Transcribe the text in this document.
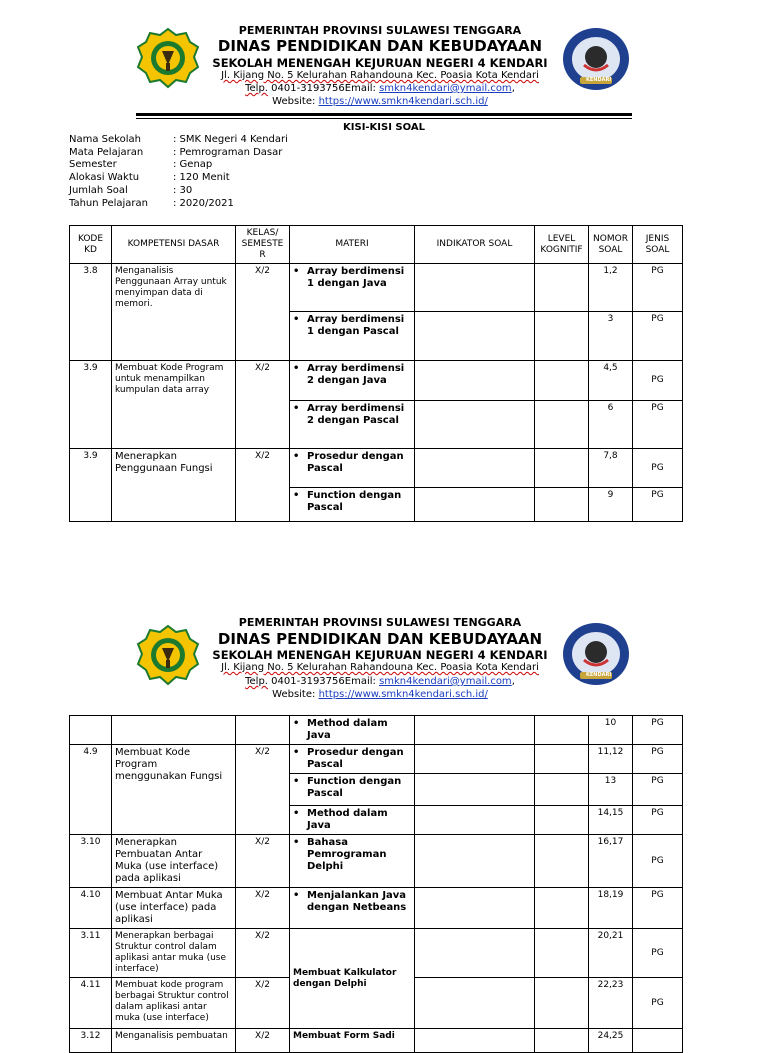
KENDARI
PEMERINTAH PROVINSI SULAWESI TENGGARA
DINAS PENDIDIKAN DAN KEBUDAYAAN
SEKOLAH MENENGAH KEJURUAN NEGERI 4 KENDARI
Jl. Kijang No. 5 Kelurahan Rahandouna Kec. Poasia Kota Kendari
Telp. 0401-3193756Email: smkn4kendari@ymail.com,
Website: https://www.smkn4kendari.sch.id/
KISI-KISI SOAL
Nama Sekolah	: SMK Negeri 4 Kendari
Mata Pelajaran	: Pemrograman Dasar
Semester	: Genap
Alokasi Waktu	: 120 Menit
Jumlah Soal	: 30
Tahun Pelajaran	: 2020/2021
KODE KD	KOMPETENSI DASAR	KELAS/ SEMESTE R	MATERI	INDIKATOR SOAL	LEVEL KOGNITIF	NOMOR SOAL	JENIS SOAL
3.8	Menganalisis Penggunaan Array untuk menyimpan data di memori.	X/2	• Array berdimensi 1 dengan Java			1,2	PG

			• Array berdimensi 1 dengan Pascal			3	PG
3.9	Membuat Kode Program untuk menampilkan kumpulan data array	X/2	• Array berdimensi 2 dengan Java			4,5	PG

			• Array berdimensi 2 dengan Pascal			6	PG
3.9	Menerapkan Penggunaan Fungsi	X/2	• Prosedur dengan Pascal			7,8	PG

			• Function dengan Pascal			9	PG
KENDARI
PEMERINTAH PROVINSI SULAWESI TENGGARA
DINAS PENDIDIKAN DAN KEBUDAYAAN
SEKOLAH MENENGAH KEJURUAN NEGERI 4 KENDARI
Jl. Kijang No. 5 Kelurahan Rahandouna Kec. Poasia Kota Kendari
Telp. 0401-3193756Email: smkn4kendari@ymail.com,
Website: https://www.smkn4kendari.sch.id/

			• Method dalam Java			10	PG
4.9	Membuat Kode Program menggunakan Fungsi	X/2	• Prosedur dengan Pascal			11,12	PG

			• Function dengan Pascal			13	PG

			• Method dalam Java			14,15	PG
3.10	Menerapkan Pembuatan Antar Muka (use interface) pada aplikasi	X/2	• Bahasa Pemrograman Delphi			16,17	PG
4.10	Membuat Antar Muka (use interface) pada aplikasi	X/2	• Menjalankan Java dengan Netbeans			18,19	PG
3.11	Menerapkan berbagai Struktur control dalam aplikasi antar muka (use interface)	X/2	Membuat Kalkulator dengan Delphi			20,21	PG
4.11	Membuat kode program berbagai Struktur control dalam aplikasi antar muka (use interface)	X/2				22,23	PG
3.12	Menganalisis pembuatan	X/2	Membuat Form Sadi			24,25	
